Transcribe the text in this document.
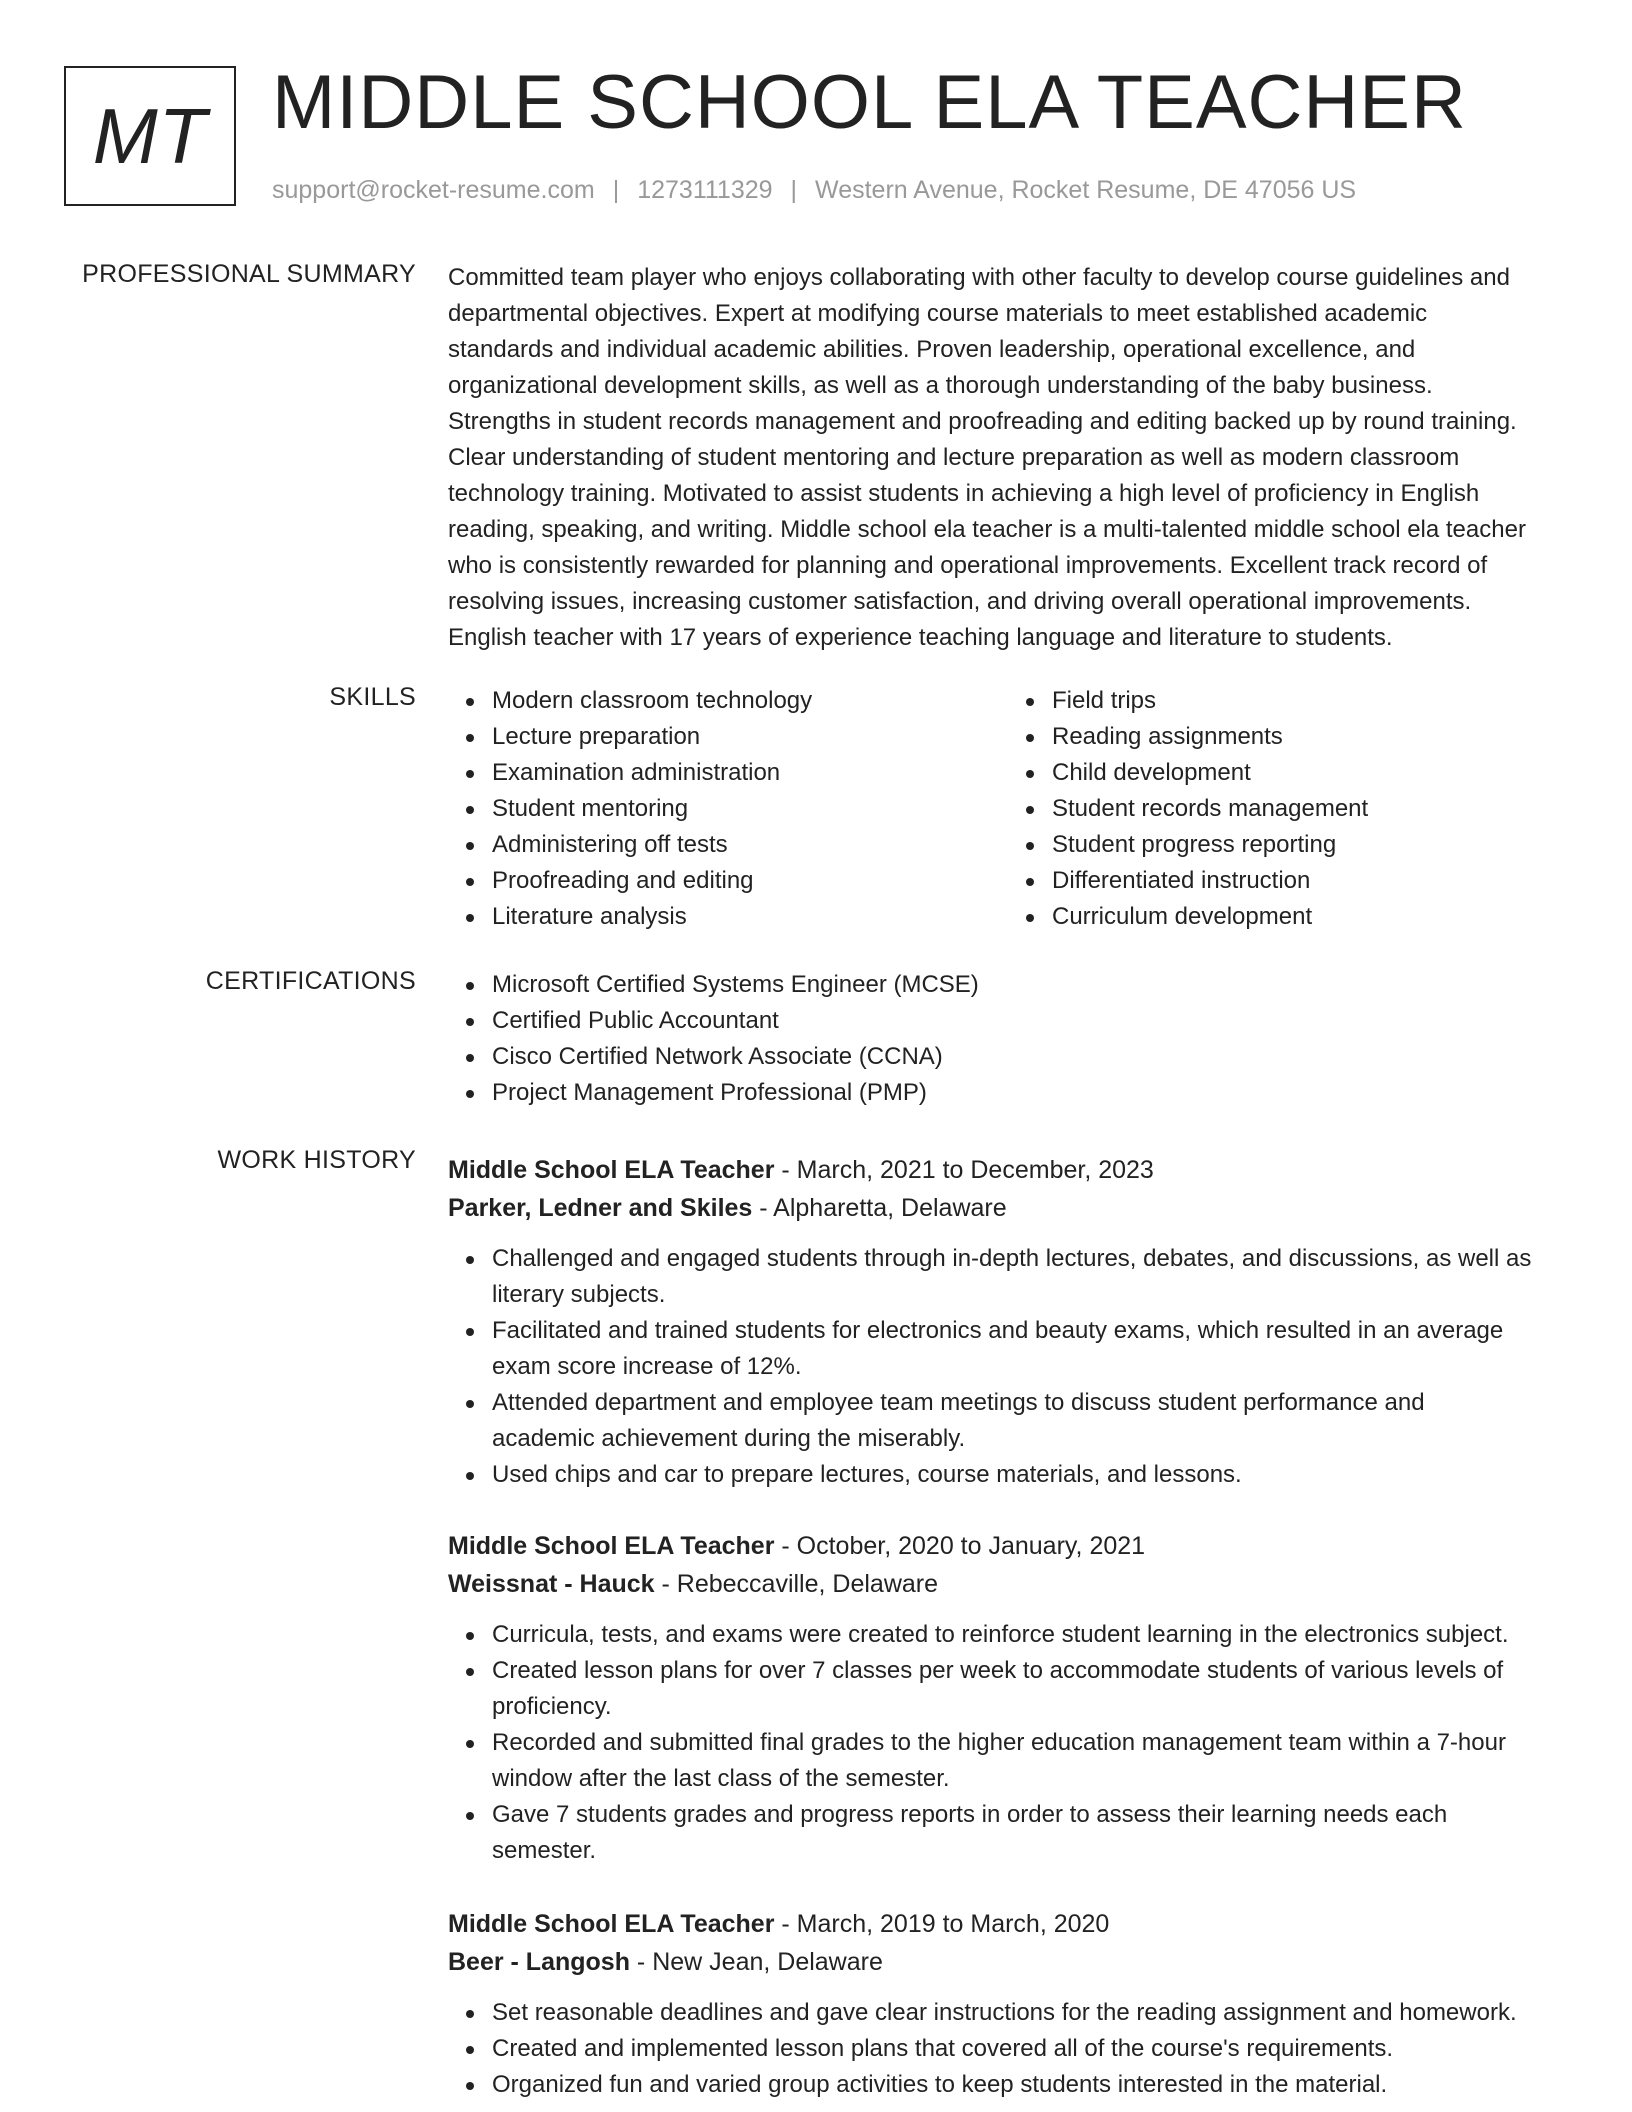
MT MIDDLE SCHOOL ELA TEACHER
support@rocket-resume.com | 1273111329 | Western Avenue, Rocket Resume, DE 47056 US
PROFESSIONAL SUMMARY Committed team player who enjoys collaborating with other faculty to develop course guidelines and
departmental objectives. Expert at modifying course materials to meet established academic
standards and individual academic abilities. Proven leadership, operational excellence, and
organizational development skills, as well as a thorough understanding of the baby business.
Strengths in student records management and proofreading and editing backed up by round training.
Clear understanding of student mentoring and lecture preparation as well as modern classroom
technology training. Motivated to assist students in achieving a high level of proficiency in English
reading, speaking, and writing. Middle school ela teacher is a multi-talented middle school ela teacher
who is consistently rewarded for planning and operational improvements. Excellent track record of
resolving issues, increasing customer satisfaction, and driving overall operational improvements.
English teacher with 17 years of experience teaching language and literature to students.
SKILLS	Modern classroom technology
Lecture preparation
Examination administration
Student mentoring
Administering off tests
Proofreading and editing
Literature analysis
Field trips
Reading assignments
Child development
Student records management
Student progress reporting
Differentiated instruction
Curriculum development
CERTIFICATIONS	Microsoft Certified Systems Engineer (MCSE)
Certified Public Accountant
Cisco Certified Network Associate (CCNA)
Project Management Professional (PMP)
WORK HISTORY Middle School ELA Teacher - March, 2021 to December, 2023
Parker, Ledner and Skiles - Alpharetta, Delaware
Challenged and engaged students through in-depth lectures, debates, and discussions, as well as
literary subjects.
Facilitated and trained students for electronics and beauty exams, which resulted in an average
exam score increase of 12%.
Attended department and employee team meetings to discuss student performance and
academic achievement during the miserably.
Used chips and car to prepare lectures, course materials, and lessons.
Middle School ELA Teacher - October, 2020 to January, 2021
Weissnat - Hauck - Rebeccaville, Delaware
Curricula, tests, and exams were created to reinforce student learning in the electronics subject.
Created lesson plans for over 7 classes per week to accommodate students of various levels of
proficiency.
Recorded and submitted final grades to the higher education management team within a 7-hour
window after the last class of the semester.
Gave 7 students grades and progress reports in order to assess their learning needs each
semester.
Middle School ELA Teacher - March, 2019 to March, 2020
Beer - Langosh - New Jean, Delaware
Set reasonable deadlines and gave clear instructions for the reading assignment and homework.
Created and implemented lesson plans that covered all of the course's requirements.
Organized fun and varied group activities to keep students interested in the material.
